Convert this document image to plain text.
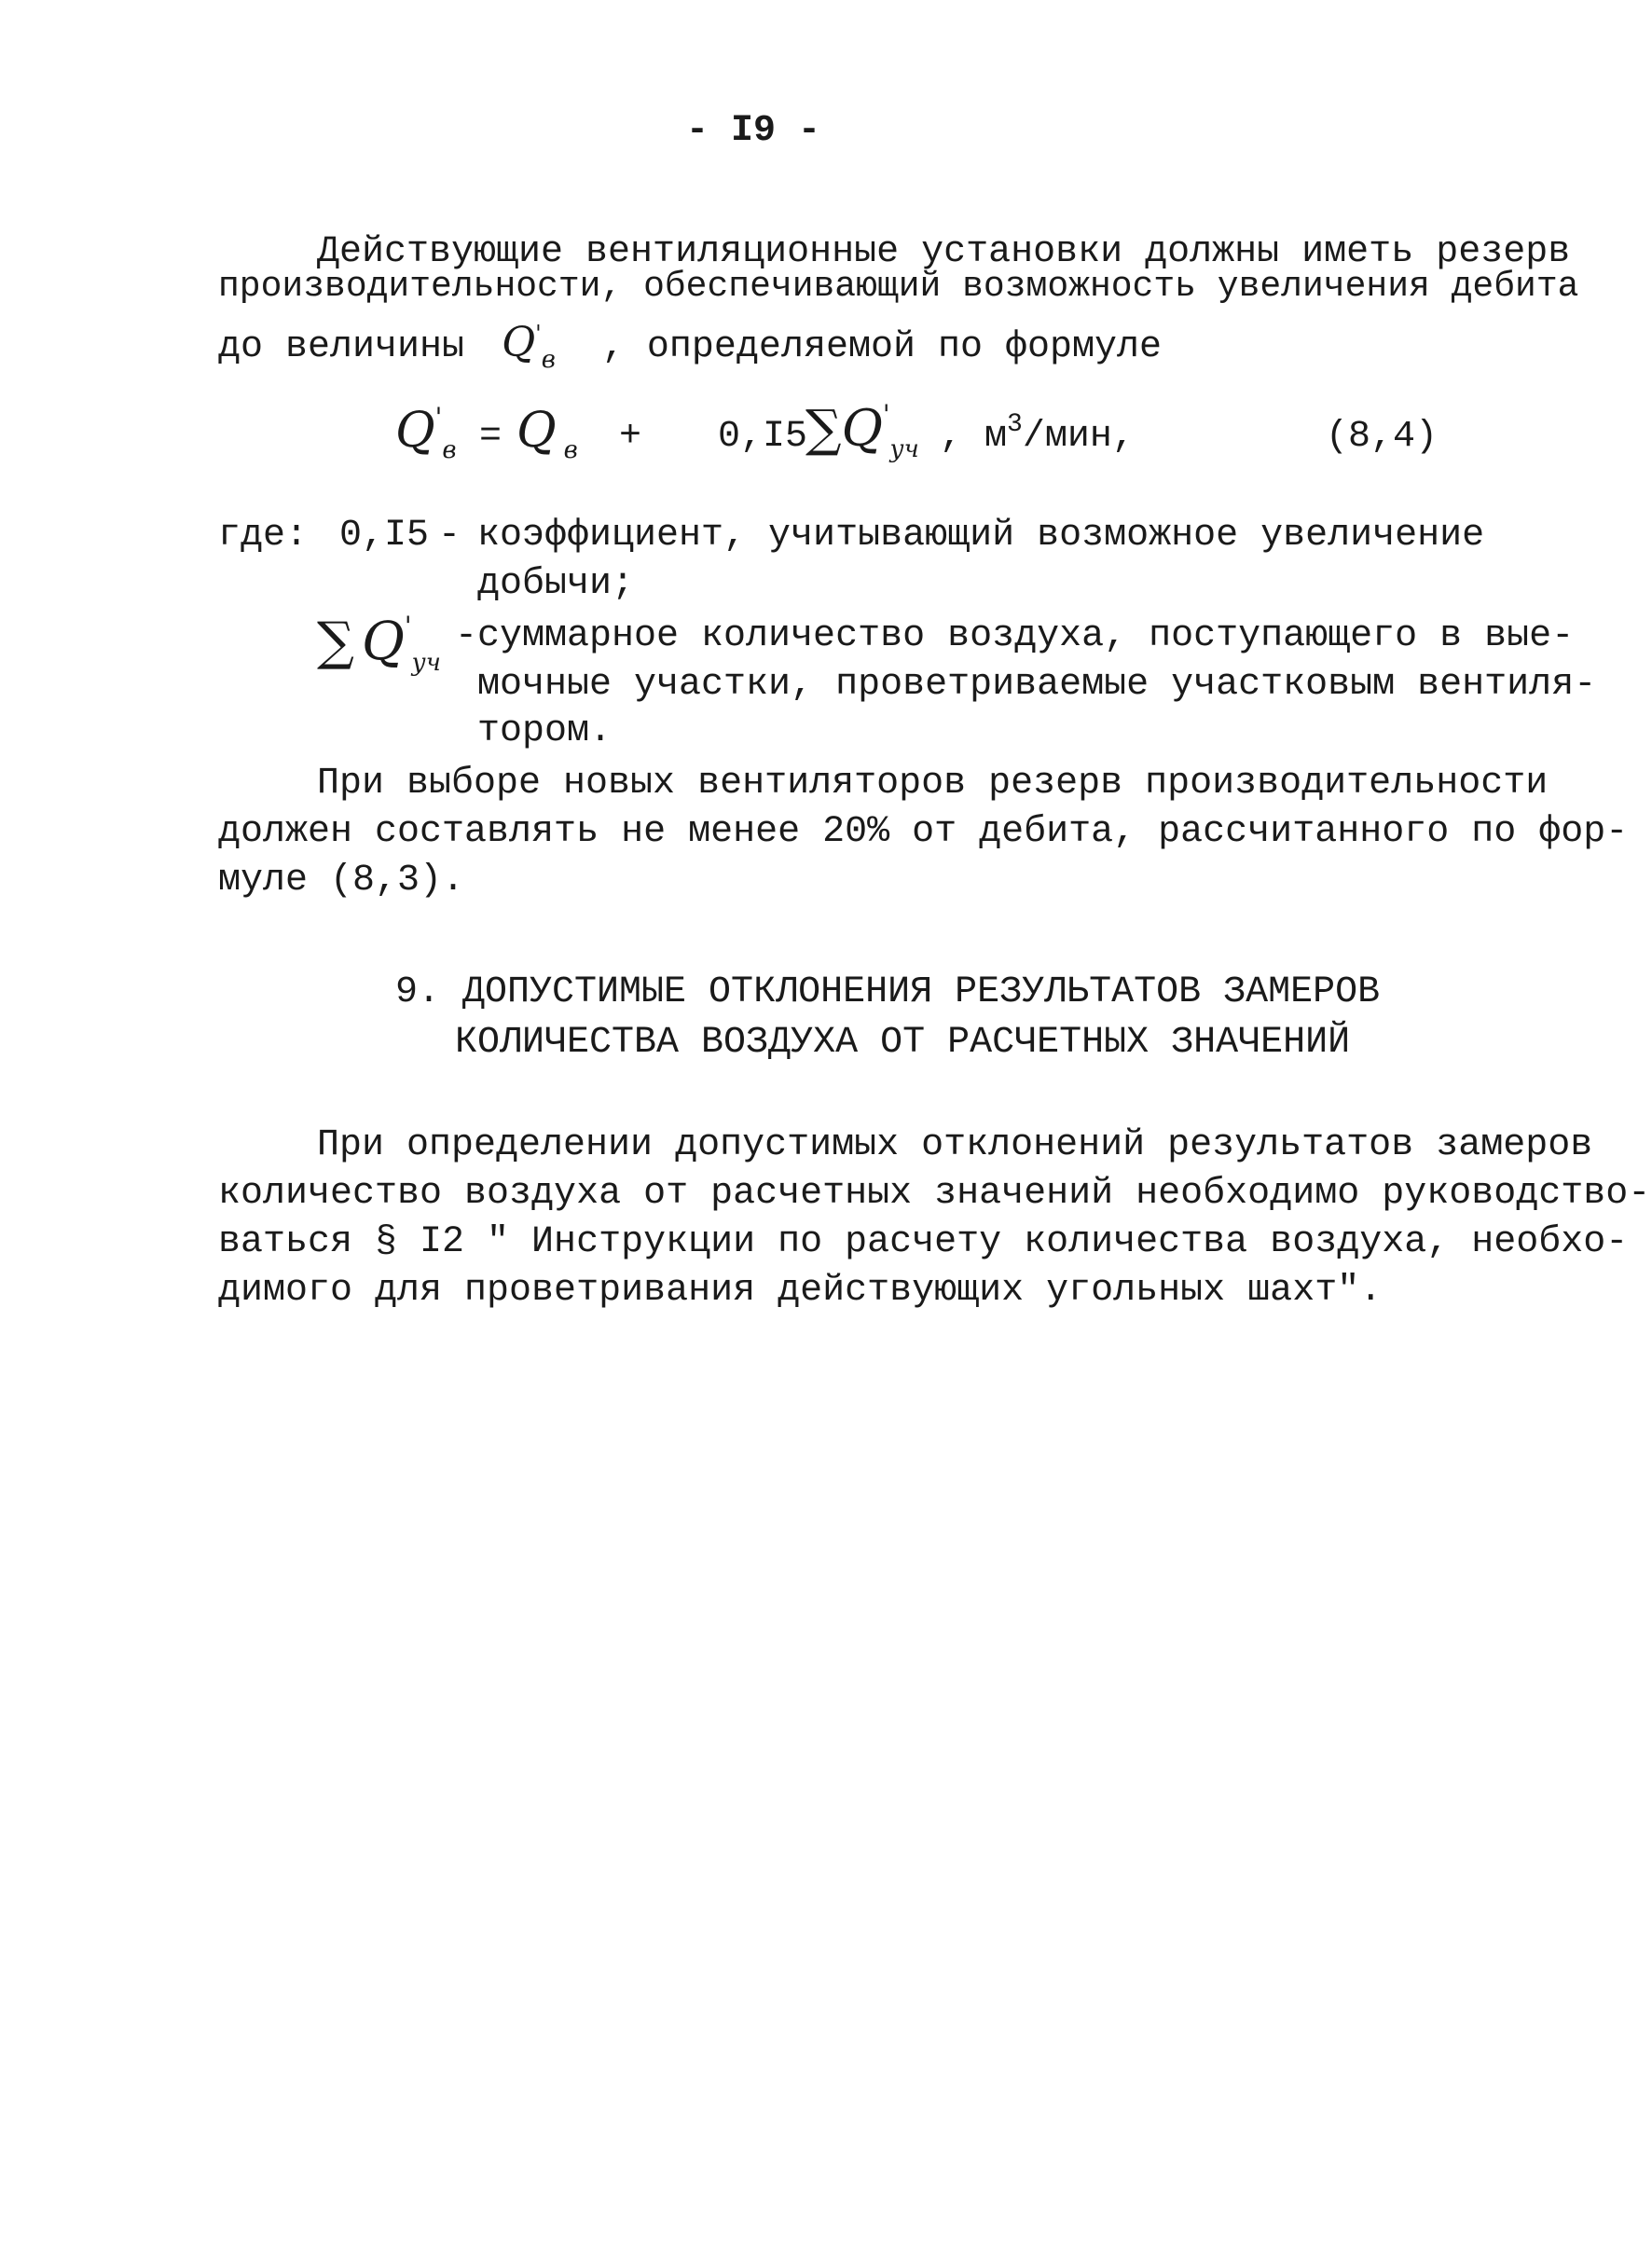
- I9 -
Действующие вентиляционные установки должны иметь резерв
производительности, обеспечивающий возможность увеличения дебита
до величины $Q'_в$ , определяемой по формуле
$Q'_в = Q$ $_в$ + 0,I5
$\sum Q'_{уч}$ , $м^3$/мин,	(8,4)
где: 0,I5 - коэффициент, учитывающий возможное увеличение
добычи;
∑ $Q'_{уч}$
- суммарное количество воздуха, поступающего в вые-
мочные участки, проветриваемые участковым вентиля-
тором.
При выборе новых вентиляторов резерв производительности
должен составлять не менее 20% от дебита, рассчитанного по фор-
муле (8,3).
9. ДОПУСТИМЫЕ ОТКЛОНЕНИЯ РЕЗУЛЬТАТОВ ЗАМЕРОВ
КОЛИЧЕСТВА ВОЗДУХА ОТ РАСЧЕТНЫХ ЗНАЧЕНИЙ
При определении допустимых отклонений результатов замеров
количество воздуха от расчетных значений необходимо руководство-
ваться § I2 " Инструкции по расчету количества воздуха, необхо-
димого для проветривания действующих угольных шахт".
